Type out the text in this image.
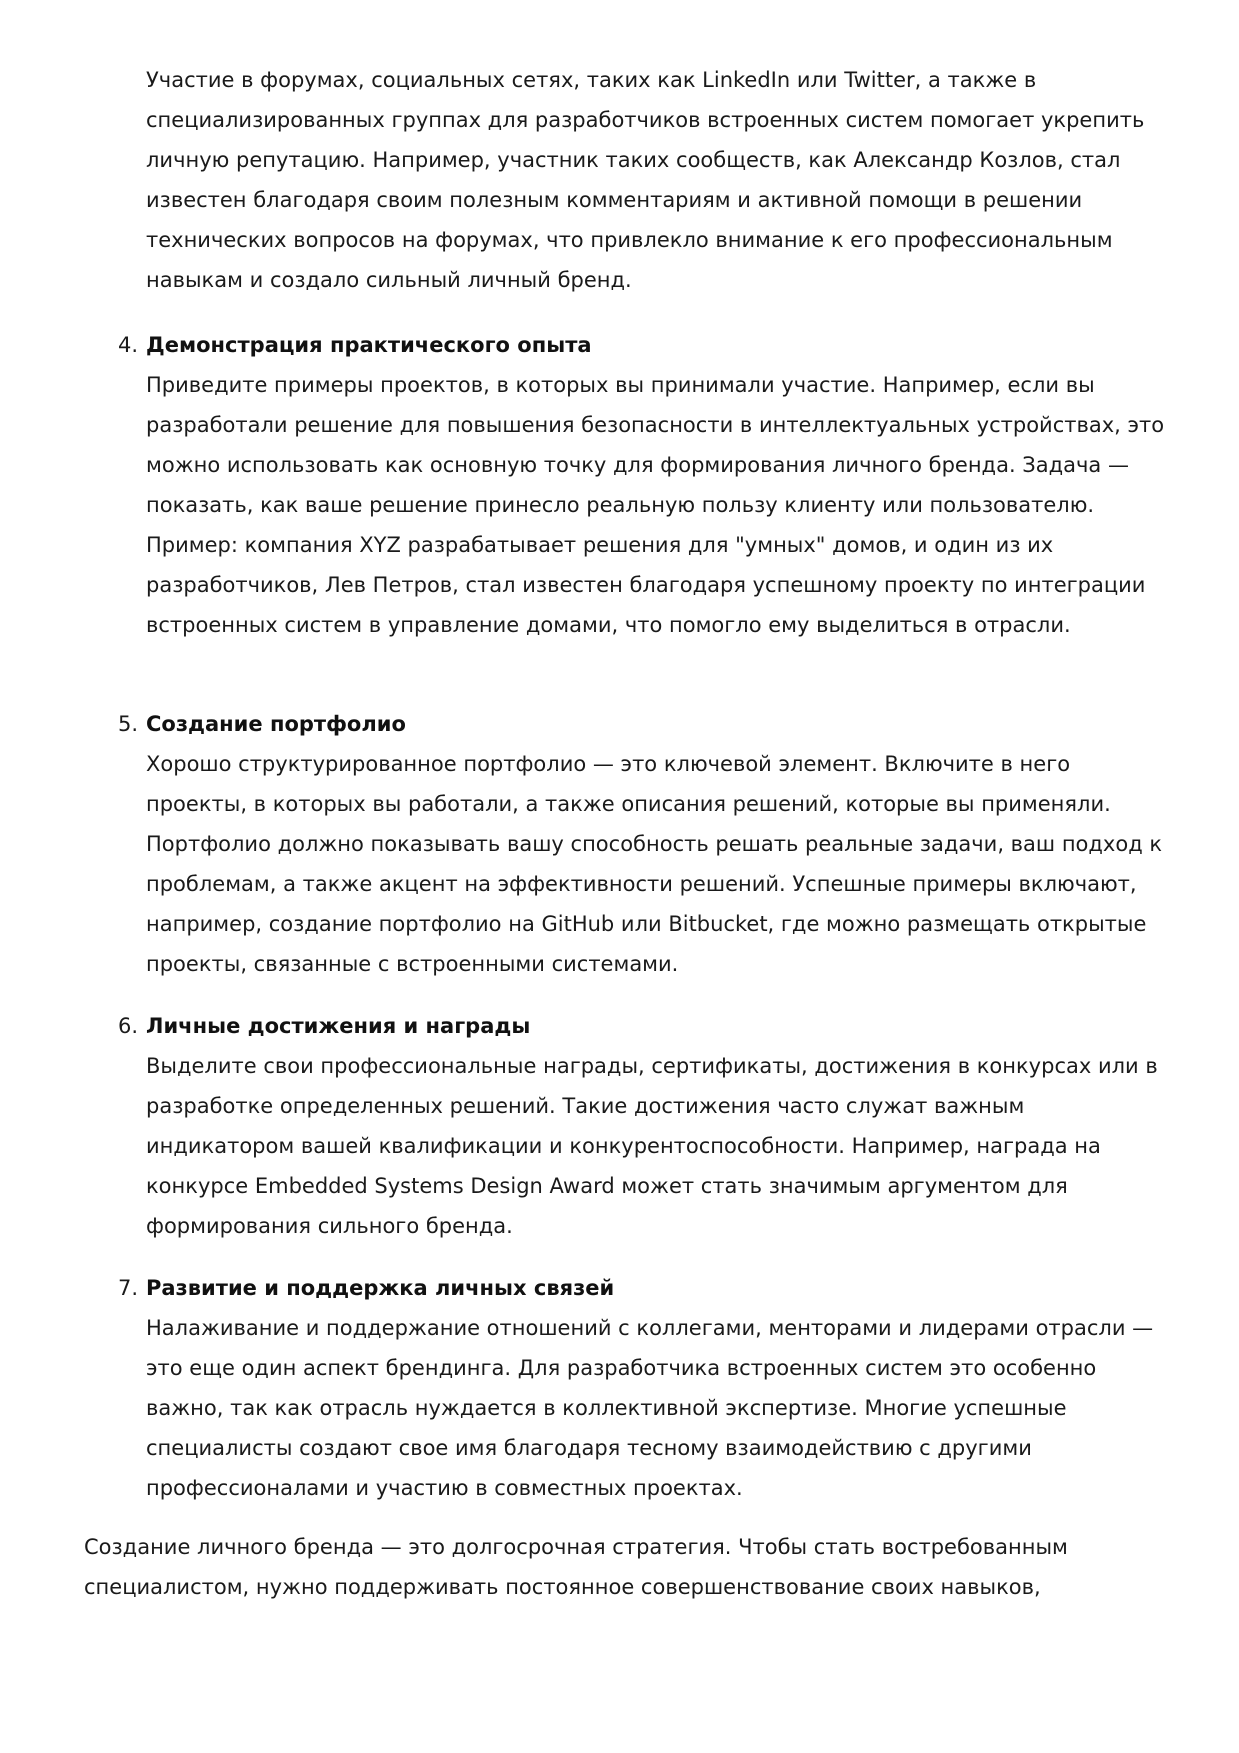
Участие в форумах, социальных сетях, таких как LinkedIn или Twitter, а также в специализированных группах для разработчиков встроенных систем помогает укрепить личную репутацию. Например, участник таких сообществ, как Александр Козлов, стал известен благодаря своим полезным комментариям и активной помощи в решении технических вопросов на форумах, что привлекло внимание к его профессиональным навыкам и создало сильный личный бренд.

4. Демонстрация практического опыта

Приведите примеры проектов, в которых вы принимали участие. Например, если вы разработали решение для повышения безопасности в интеллектуальных устройствах, это можно использовать как основную точку для формирования личного бренда. Задача — показать, как ваше решение принесло реальную пользу клиенту или пользователю. Пример: компания XYZ разрабатывает решения для "умных" домов, и один из их разработчиков, Лев Петров, стал известен благодаря успешному проекту по интеграции встроенных систем в управление домами, что помогло ему выделиться в отрасли.

5. Создание портфолио

Хорошо структурированное портфолио — это ключевой элемент. Включите в него проекты, в которых вы работали, а также описания решений, которые вы применяли. Портфолио должно показывать вашу способность решать реальные задачи, ваш подход к проблемам, а также акцент на эффективности решений. Успешные примеры включают, например, создание портфолио на GitHub или Bitbucket, где можно размещать открытые проекты, связанные с встроенными системами.

6. Личные достижения и награды

Выделите свои профессиональные награды, сертификаты, достижения в конкурсах или в разработке определенных решений. Такие достижения часто служат важным индикатором вашей квалификации и конкурентоспособности. Например, награда на конкурсе Embedded Systems Design Award может стать значимым аргументом для формирования сильного бренда.

7. Развитие и поддержка личных связей

Налаживание и поддержание отношений с коллегами, менторами и лидерами отрасли — это еще один аспект брендинга. Для разработчика встроенных систем это особенно важно, так как отрасль нуждается в коллективной экспертизе. Многие успешные специалисты создают свое имя благодаря тесному взаимодействию с другими профессионалами и участию в совместных проектах.

Создание личного бренда — это долгосрочная стратегия. Чтобы стать востребованным специалистом, нужно поддерживать постоянное совершенствование своих навыков,
